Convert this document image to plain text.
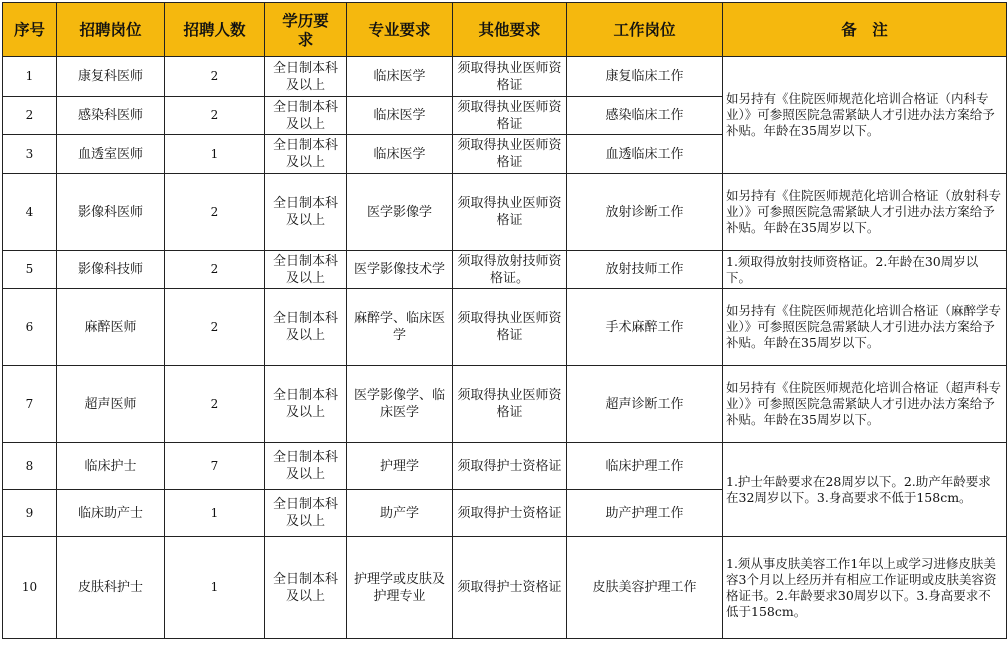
序号	招聘岗位	招聘人数	学历要求	专业要求	其他要求	工作岗位	备　注
1	康复科医师	2	全日制本科及以上	临床医学	须取得执业医师资格证	康复临床工作	如另持有《住院医师规范化培训合格证（内科专业）》可参照医院急需紧缺人才引进办法方案给予补贴。年龄在35周岁以下。
2	感染科医师	2	全日制本科及以上	临床医学	须取得执业医师资格证	感染临床工作	
3	血透室医师	1	全日制本科及以上	临床医学	须取得执业医师资格证	血透临床工作	
4	影像科医师	2	全日制本科及以上	医学影像学	须取得执业医师资格证	放射诊断工作	如另持有《住院医师规范化培训合格证（放射科专业）》可参照医院急需紧缺人才引进办法方案给予补贴。年龄在35周岁以下。
5	影像科技师	2	全日制本科及以上	医学影像技术学	须取得放射技师资格证。	放射技师工作	1.须取得放射技师资格证。2.年龄在30周岁以下。
6	麻醉医师	2	全日制本科及以上	麻醉学、临床医学	须取得执业医师资格证	手术麻醉工作	如另持有《住院医师规范化培训合格证（麻醉学专业）》可参照医院急需紧缺人才引进办法方案给予补贴。年龄在35周岁以下。
7	超声医师	2	全日制本科及以上	医学影像学、临床医学	须取得执业医师资格证	超声诊断工作	如另持有《住院医师规范化培训合格证（超声科专业）》可参照医院急需紧缺人才引进办法方案给予补贴。年龄在35周岁以下。
8	临床护士	7	全日制本科及以上	护理学	须取得护士资格证	临床护理工作	1.护士年龄要求在28周岁以下。2.助产年龄要求在32周岁以下。3.身高要求不低于158cm。
9	临床助产士	1	全日制本科及以上	助产学	须取得护士资格证	助产护理工作	
10	皮肤科护士	1	全日制本科及以上	护理学或皮肤及护理专业	须取得护士资格证	皮肤美容护理工作	1.须从事皮肤美容工作1年以上或学习进修皮肤美容3个月以上经历并有相应工作证明或皮肤美容资格证书。2.年龄要求30周岁以下。3.身高要求不低于158cm。
